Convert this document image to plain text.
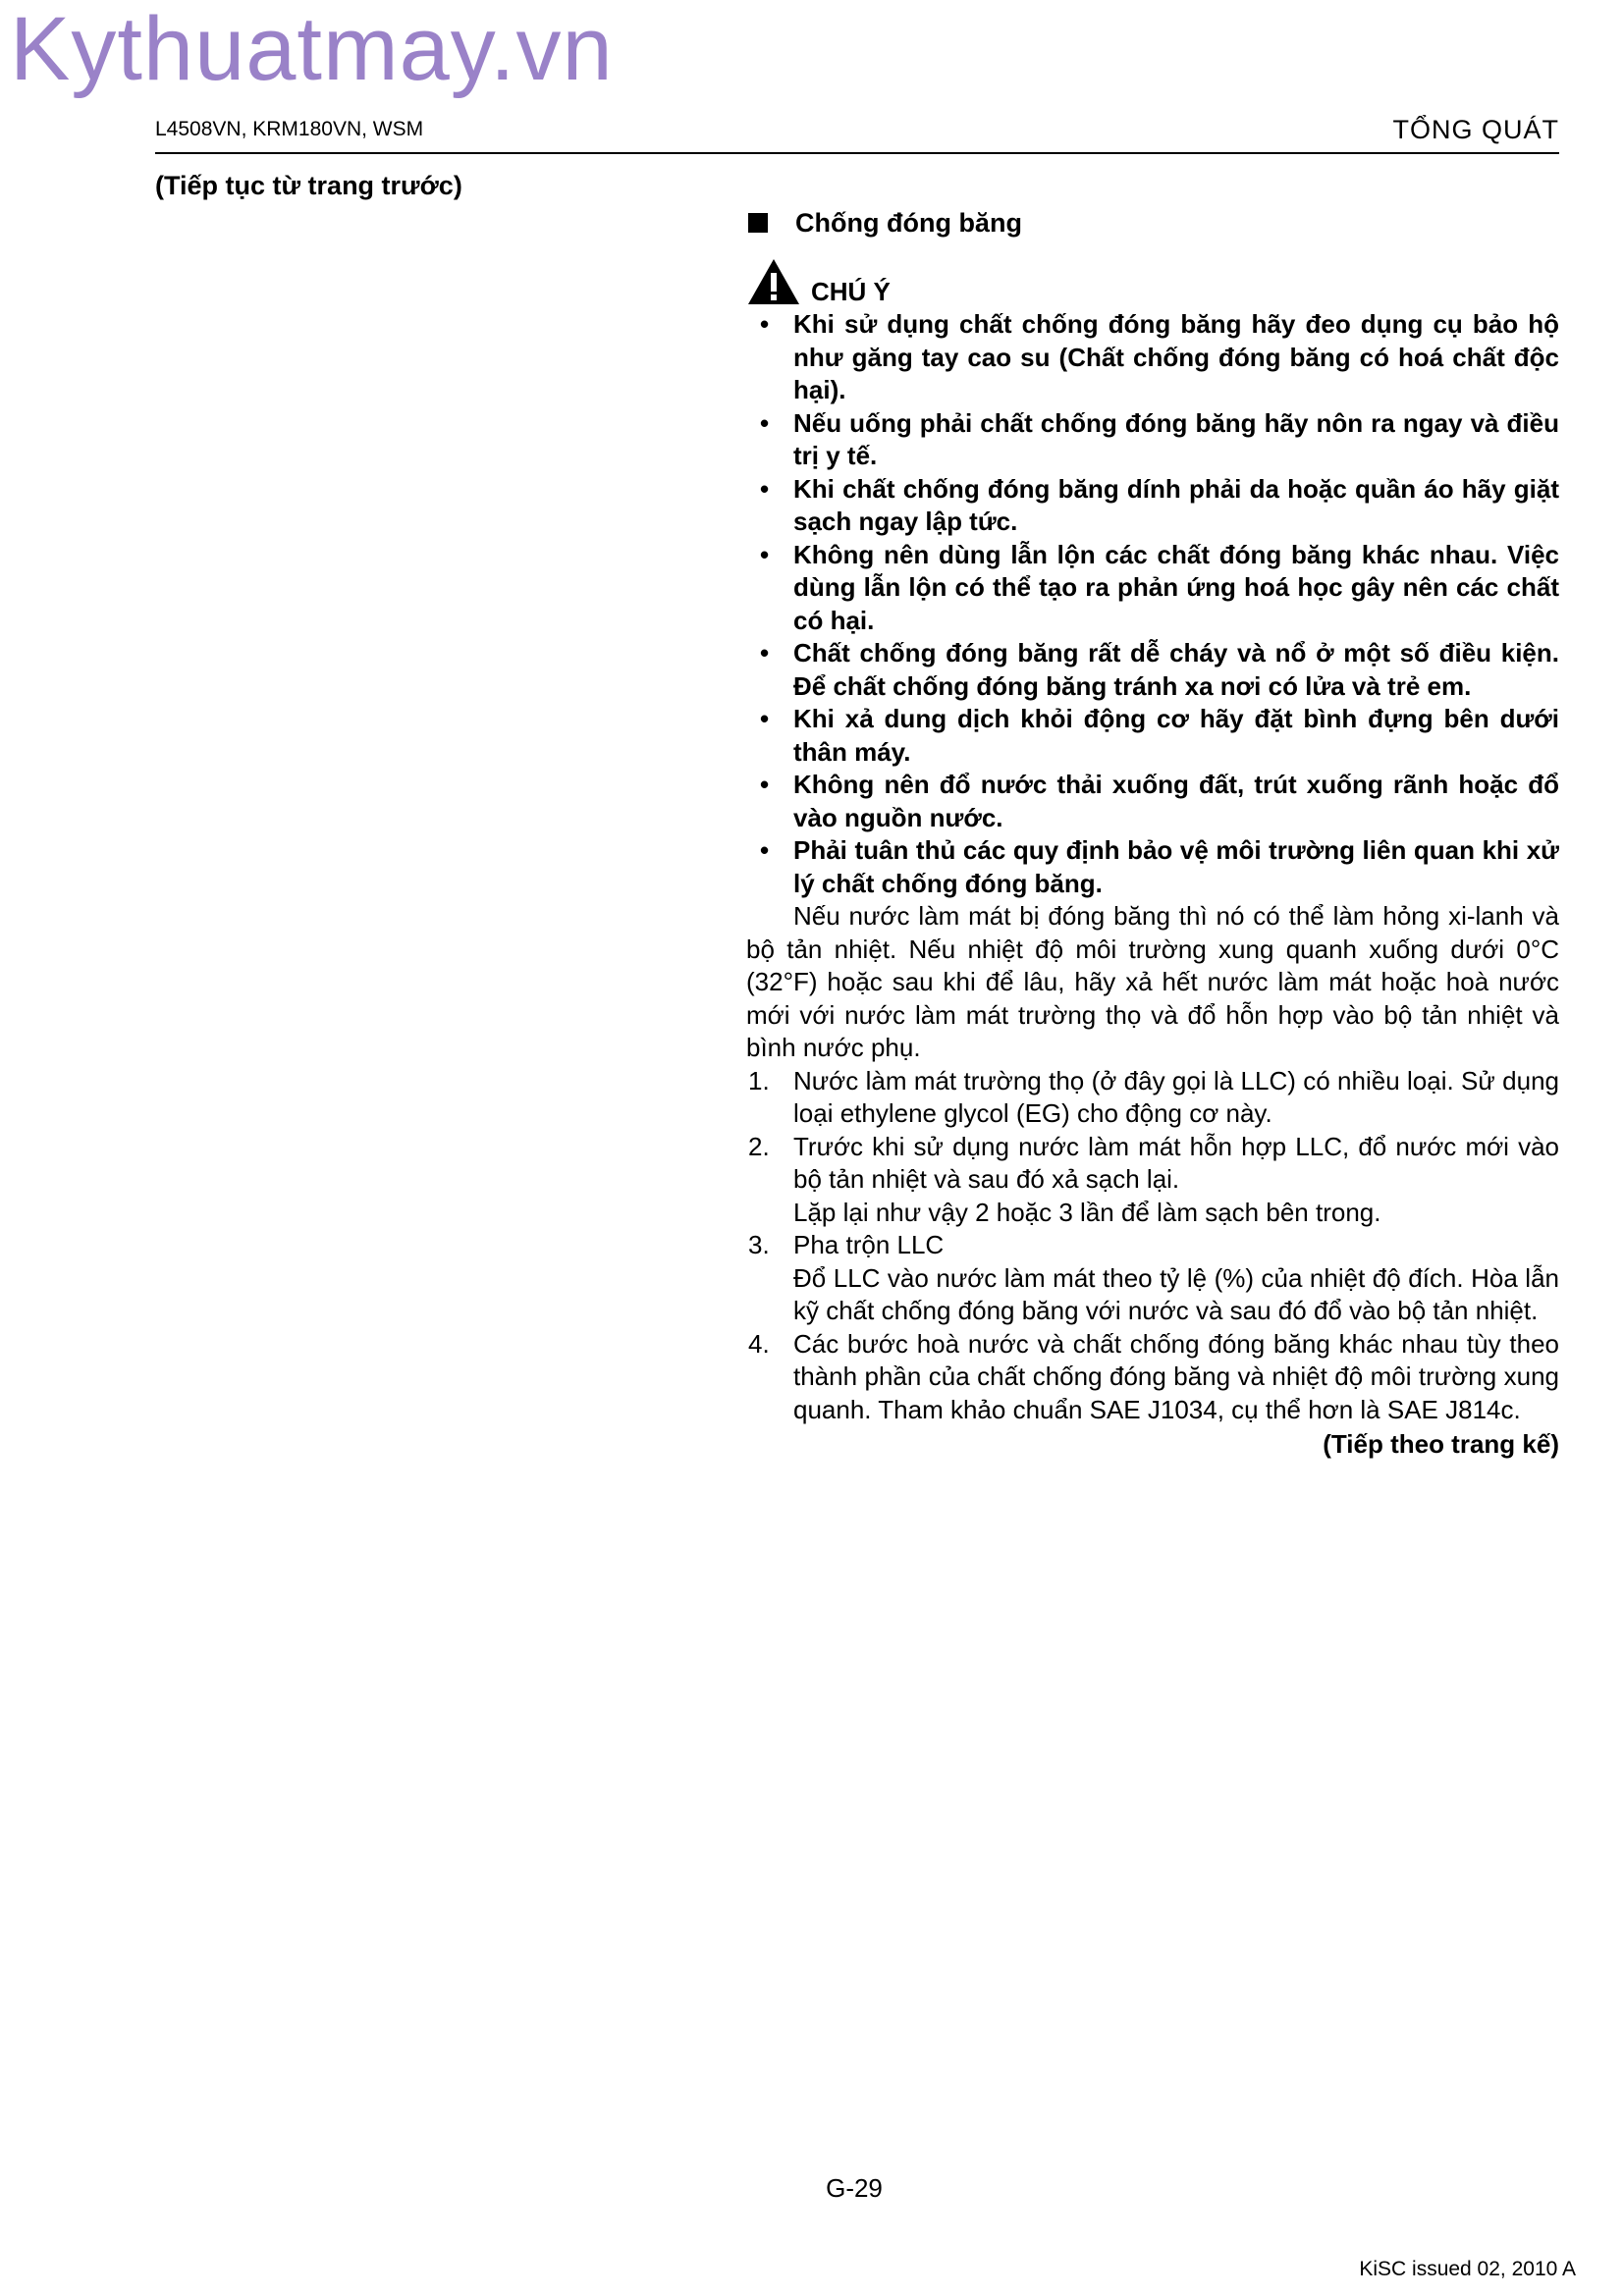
Kythuatmay.vn
L4508VN, KRM180VN, WSM	TỔNG QUÁT
(Tiếp tục từ trang trước)
Chống đóng băng
CHÚ Ý
• Khi sử dụng chất chống đóng băng hãy đeo dụng cụ bảo hộ như găng tay cao su (Chất chống đóng băng có hoá chất độc hại).
• Nếu uống phải chất chống đóng băng hãy nôn ra ngay và điều trị y tế.
• Khi chất chống đóng băng dính phải da hoặc quần áo hãy giặt sạch ngay lập tức.
• Không nên dùng lẫn lộn các chất đóng băng khác nhau. Việc dùng lẫn lộn có thể tạo ra phản ứng hoá học gây nên các chất có hại.
• Chất chống đóng băng rất dễ cháy và nổ ở một số điều kiện. Để chất chống đóng băng tránh xa nơi có lửa và trẻ em.
• Khi xả dung dịch khỏi động cơ hãy đặt bình đựng bên dưới thân máy.
• Không nên đổ nước thải xuống đất, trút xuống rãnh hoặc đổ vào nguồn nước.
• Phải tuân thủ các quy định bảo vệ môi trường liên quan khi xử lý chất chống đóng băng.
Nếu nước làm mát bị đóng băng thì nó có thể làm hỏng xi-lanh và bộ tản nhiệt. Nếu nhiệt độ môi trường xung quanh xuống dưới 0°C (32°F) hoặc sau khi để lâu, hãy xả hết nước làm mát hoặc hoà nước mới với nước làm mát trường thọ và đổ hỗn hợp vào bộ tản nhiệt và bình nước phụ.
1. Nước làm mát trường thọ (ở đây gọi là LLC) có nhiều loại. Sử dụng loại ethylene glycol (EG) cho động cơ này.
2. Trước khi sử dụng nước làm mát hỗn hợp LLC, đổ nước mới vào bộ tản nhiệt và sau đó xả sạch lại.
Lặp lại như vậy 2 hoặc 3 lần để làm sạch bên trong.
3. Pha trộn LLC
Đổ LLC vào nước làm mát theo tỷ lệ (%) của nhiệt độ đích. Hòa lẫn kỹ chất chống đóng băng với nước và sau đó đổ vào bộ tản nhiệt.
4. Các bước hoà nước và chất chống đóng băng khác nhau tùy theo thành phần của chất chống đóng băng và nhiệt độ môi trường xung quanh. Tham khảo chuẩn SAE J1034, cụ thể hơn là SAE J814c.
(Tiếp theo trang kế)
G-29
KiSC issued 02, 2010 A
